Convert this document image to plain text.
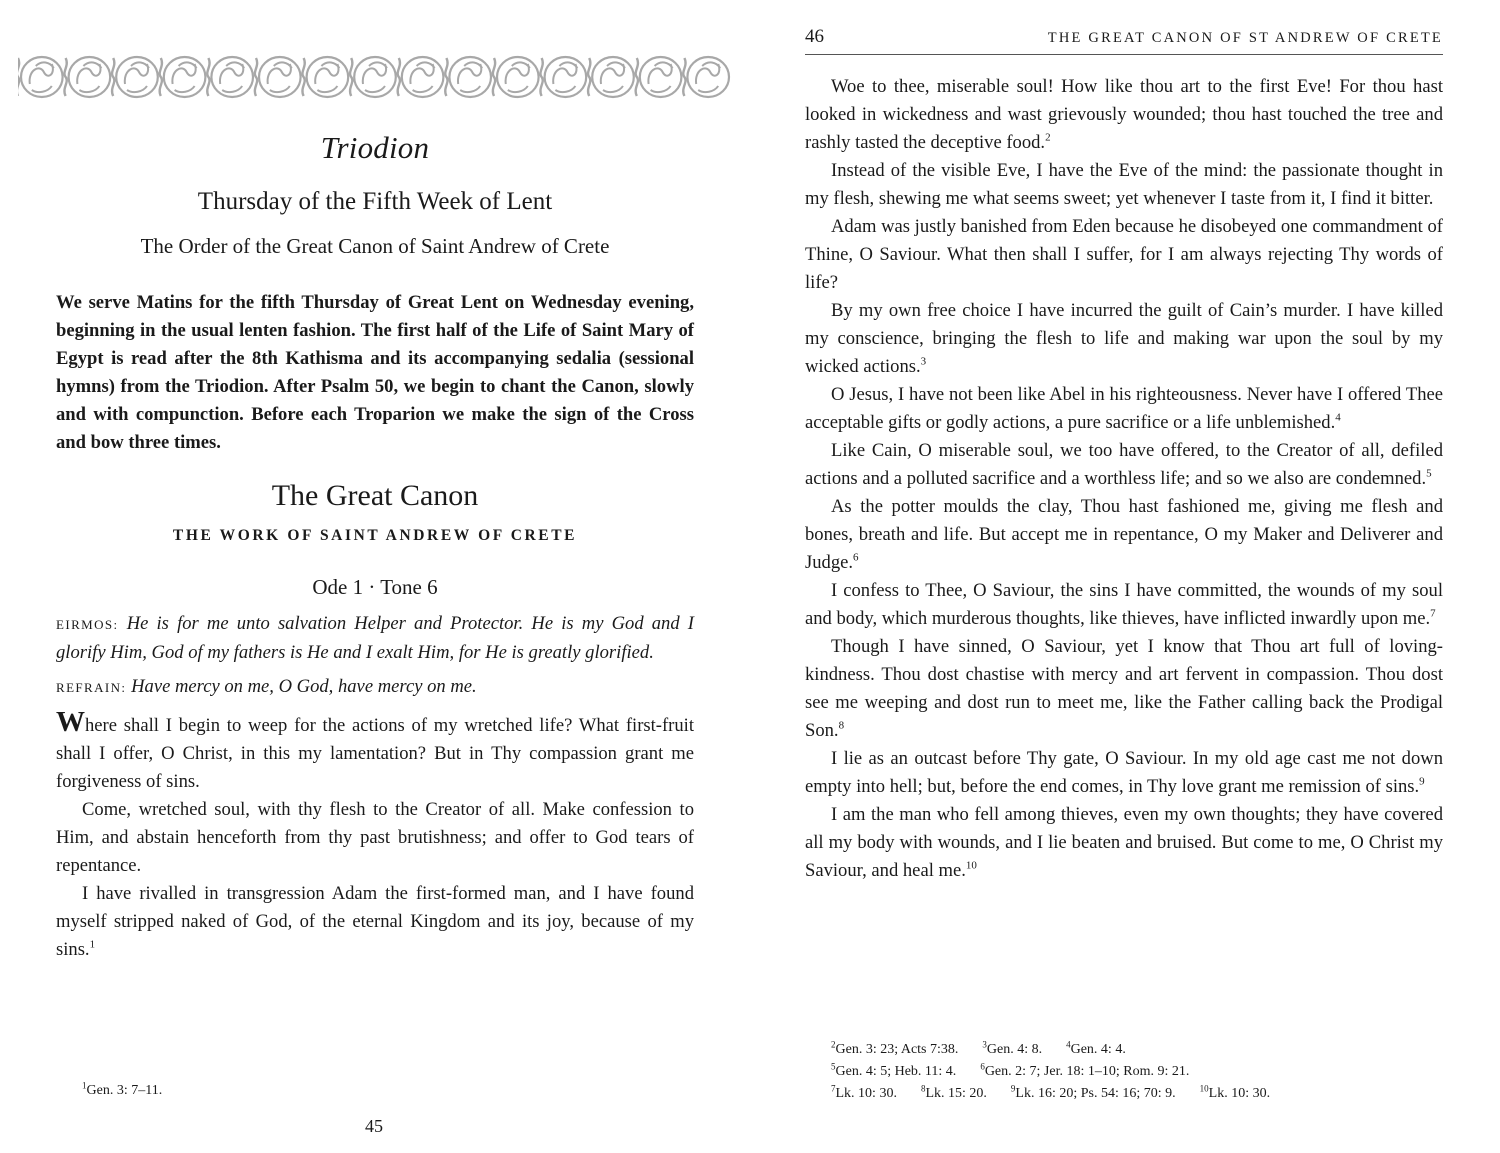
Triodion
Thursday of the Fifth Week of Lent
The Order of the Great Canon of Saint Andrew of Crete

We serve Matins for the fifth Thursday of Great Lent on Wednesday evening, beginning in the usual lenten fashion. The first half of the Life of Saint Mary of Egypt is read after the 8th Kathisma and its accompanying sedalia (sessional hymns) from the Triodion. After Psalm 50, we begin to chant the Canon, slowly and with compunction. Before each Troparion we make the sign of the Cross and bow three times.

The Great Canon
THE WORK OF SAINT ANDREW OF CRETE
Ode 1 · Tone 6

EIRMOS: He is for me unto salvation Helper and Protector. He is my God and I glorify Him, God of my fathers is He and I exalt Him, for He is greatly glorified.

REFRAIN: Have mercy on me, O God, have mercy on me.

Where shall I begin to weep for the actions of my wretched life? What first-fruit shall I offer, O Christ, in this my lamentation? But in Thy compassion grant me forgiveness of sins.

Come, wretched soul, with thy flesh to the Creator of all. Make confession to Him, and abstain henceforth from thy past brutishness; and offer to God tears of repentance.

I have rivalled in transgression Adam the first-formed man, and I have found myself stripped naked of God, of the eternal Kingdom and its joy, because of my sins.$^1$

$^1$Gen. 3: 7–11.
45
46	THE GREAT CANON OF ST ANDREW OF CRETE

Woe to thee, miserable soul! How like thou art to the first Eve! For thou hast looked in wickedness and wast grievously wounded; thou hast touched the tree and rashly tasted the deceptive food.$^2$

Instead of the visible Eve, I have the Eve of the mind: the passionate thought in my flesh, shewing me what seems sweet; yet whenever I taste from it, I find it bitter.

Adam was justly banished from Eden because he disobeyed one commandment of Thine, O Saviour. What then shall I suffer, for I am always rejecting Thy words of life?

By my own free choice I have incurred the guilt of Cain’s murder. I have killed my conscience, bringing the flesh to life and making war upon the soul by my wicked actions.$^3$

O Jesus, I have not been like Abel in his righteousness. Never have I offered Thee acceptable gifts or godly actions, a pure sacrifice or a life unblemished.$^4$

Like Cain, O miserable soul, we too have offered, to the Creator of all, defiled actions and a polluted sacrifice and a worthless life; and so we also are condemned.$^5$

As the potter moulds the clay, Thou hast fashioned me, giving me flesh and bones, breath and life. But accept me in repentance, O my Maker and Deliverer and Judge.$^6$

I confess to Thee, O Saviour, the sins I have committed, the wounds of my soul and body, which murderous thoughts, like thieves, have inflicted inwardly upon me.$^7$

Though I have sinned, O Saviour, yet I know that Thou art full of loving-kindness. Thou dost chastise with mercy and art fervent in compassion. Thou dost see me weeping and dost run to meet me, like the Father calling back the Prodigal Son.$^8$

I lie as an outcast before Thy gate, O Saviour. In my old age cast me not down empty into hell; but, before the end comes, in Thy love grant me remission of sins.$^9$

I am the man who fell among thieves, even my own thoughts; they have covered all my body with wounds, and I lie beaten and bruised. But come to me, O Christ my Saviour, and heal me.$^{10}$

$^2$Gen. 3: 23; Acts 7:38.	$^3$Gen. 4: 8.	$^4$Gen. 4: 4.
$^5$Gen. 4: 5; Heb. 11: 4.	$^6$Gen. 2: 7; Jer. 18: 1–10; Rom. 9: 21.
$^7$Lk. 10: 30.	$^8$Lk. 15: 20.	$^9$Lk. 16: 20; Ps. 54: 16; 70: 9.	$^{10}$Lk. 10: 30.
